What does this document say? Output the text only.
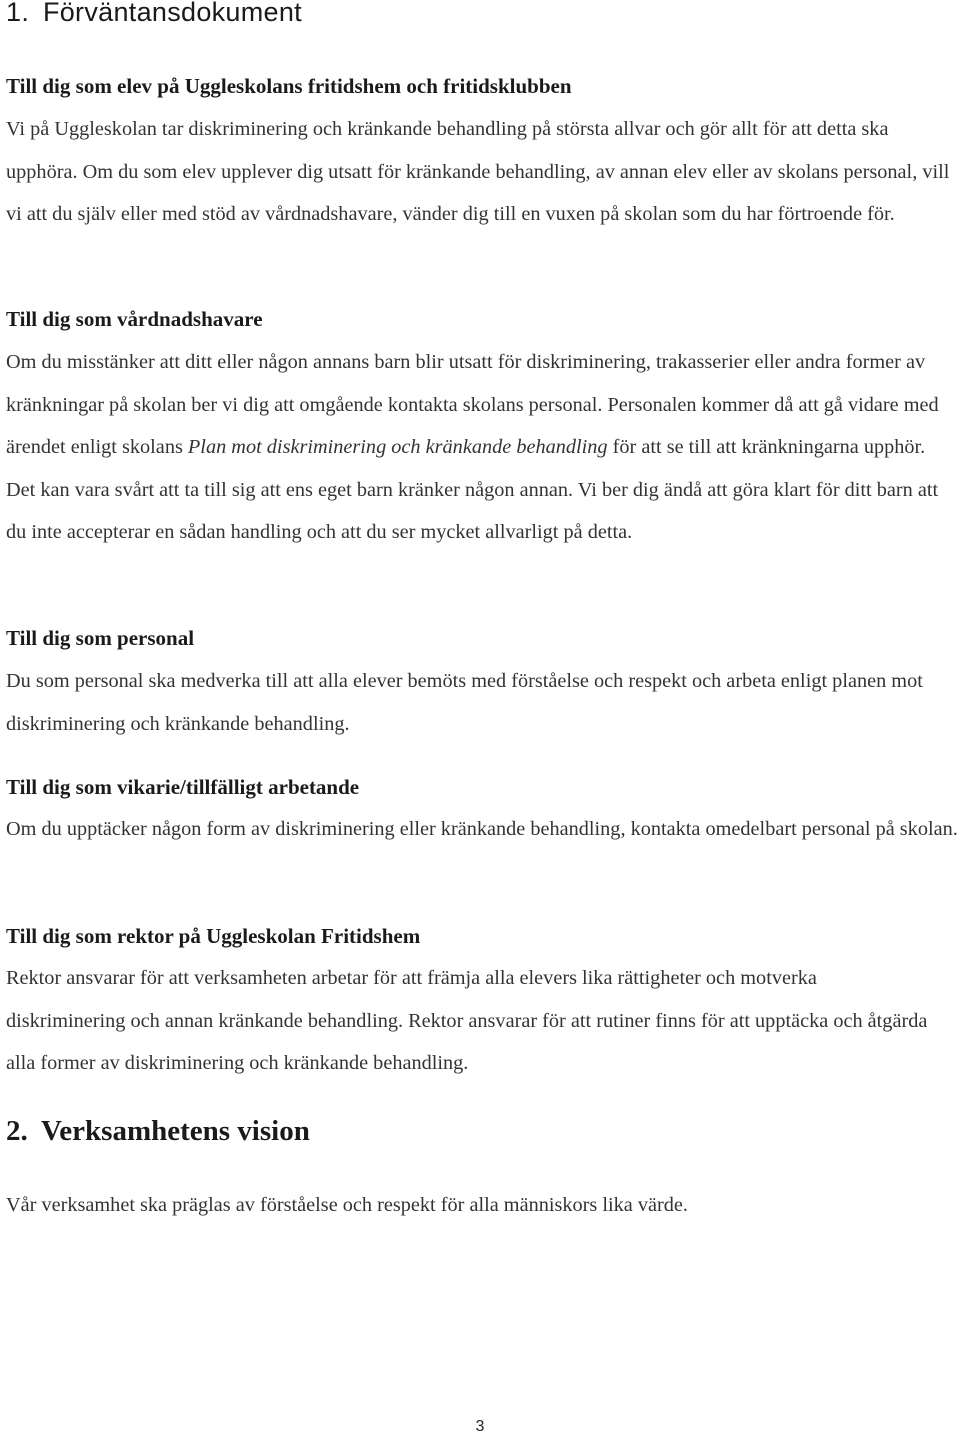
1. Förväntansdokument
Till dig som elev på Uggleskolans fritidshem och fritidsklubben

Vi på Uggleskolan tar diskriminering och kränkande behandling på största allvar och gör allt för att detta ska upphöra. Om du som elev upplever dig utsatt för kränkande behandling, av annan elev eller av skolans personal, vill vi att du själv eller med stöd av vårdnadshavare, vänder dig till en vuxen på skolan som du har förtroende för.

Till dig som vårdnadshavare

Om du misstänker att ditt eller någon annans barn blir utsatt för diskriminering, trakasserier eller andra former av kränkningar på skolan ber vi dig att omgående kontakta skolans personal. Personalen kommer då att gå vidare med ärendet enligt skolans Plan mot diskriminering och kränkande behandling för att se till att kränkningarna upphör. Det kan vara svårt att ta till sig att ens eget barn kränker någon annan. Vi ber dig ändå att göra klart för ditt barn att du inte accepterar en sådan handling och att du ser mycket allvarligt på detta.

Till dig som personal

Du som personal ska medverka till att alla elever bemöts med förståelse och respekt och arbeta enligt planen mot diskriminering och kränkande behandling.

Till dig som vikarie/tillfälligt arbetande

Om du upptäcker någon form av diskriminering eller kränkande behandling, kontakta omedelbart personal på skolan.

Till dig som rektor på Uggleskolan Fritidshem

Rektor ansvarar för att verksamheten arbetar för att främja alla elevers lika rättigheter och motverka diskriminering och annan kränkande behandling. Rektor ansvarar för att rutiner finns för att upptäcka och åtgärda alla former av diskriminering och kränkande behandling.

2. Verksamhetens vision

Vår verksamhet ska präglas av förståelse och respekt för alla människors lika värde.

3
